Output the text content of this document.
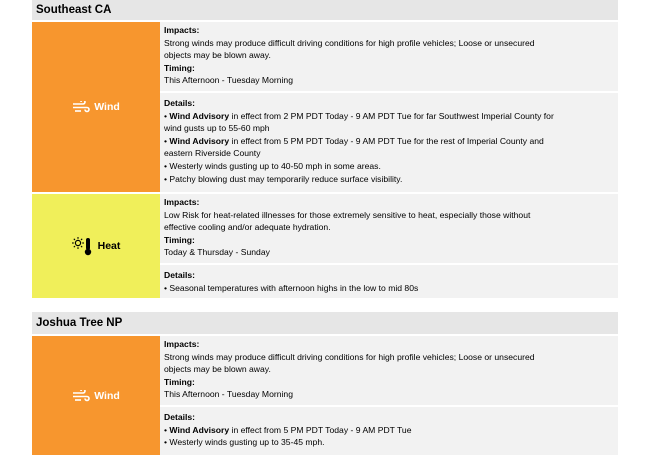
Southeast CA
Wind
Impacts:
Strong winds may produce difficult driving conditions for high profile vehicles; Loose or unsecured
objects may be blown away.
Timing:
This Afternoon - Tuesday Morning
Details:
• Wind Advisory in effect from 2 PM PDT Today - 9 AM PDT Tue for far Southwest Imperial County for
wind gusts up to 55-60 mph
• Wind Advisory in effect from 5 PM PDT Today - 9 AM PDT Tue for the rest of Imperial County and
eastern Riverside County
• Westerly winds gusting up to 40-50 mph in some areas.
• Patchy blowing dust may temporarily reduce surface visibility.
Heat
Impacts:
Low Risk for heat-related illnesses for those extremely sensitive to heat, especially those without
effective cooling and/or adequate hydration.
Timing:
Today & Thursday - Sunday
Details:
• Seasonal temperatures with afternoon highs in the low to mid 80s
Joshua Tree NP
Wind
Impacts:
Strong winds may produce difficult driving conditions for high profile vehicles; Loose or unsecured
objects may be blown away.
Timing:
This Afternoon - Tuesday Morning
Details:
• Wind Advisory in effect from 5 PM PDT Today - 9 AM PDT Tue
• Westerly winds gusting up to 35-45 mph.
